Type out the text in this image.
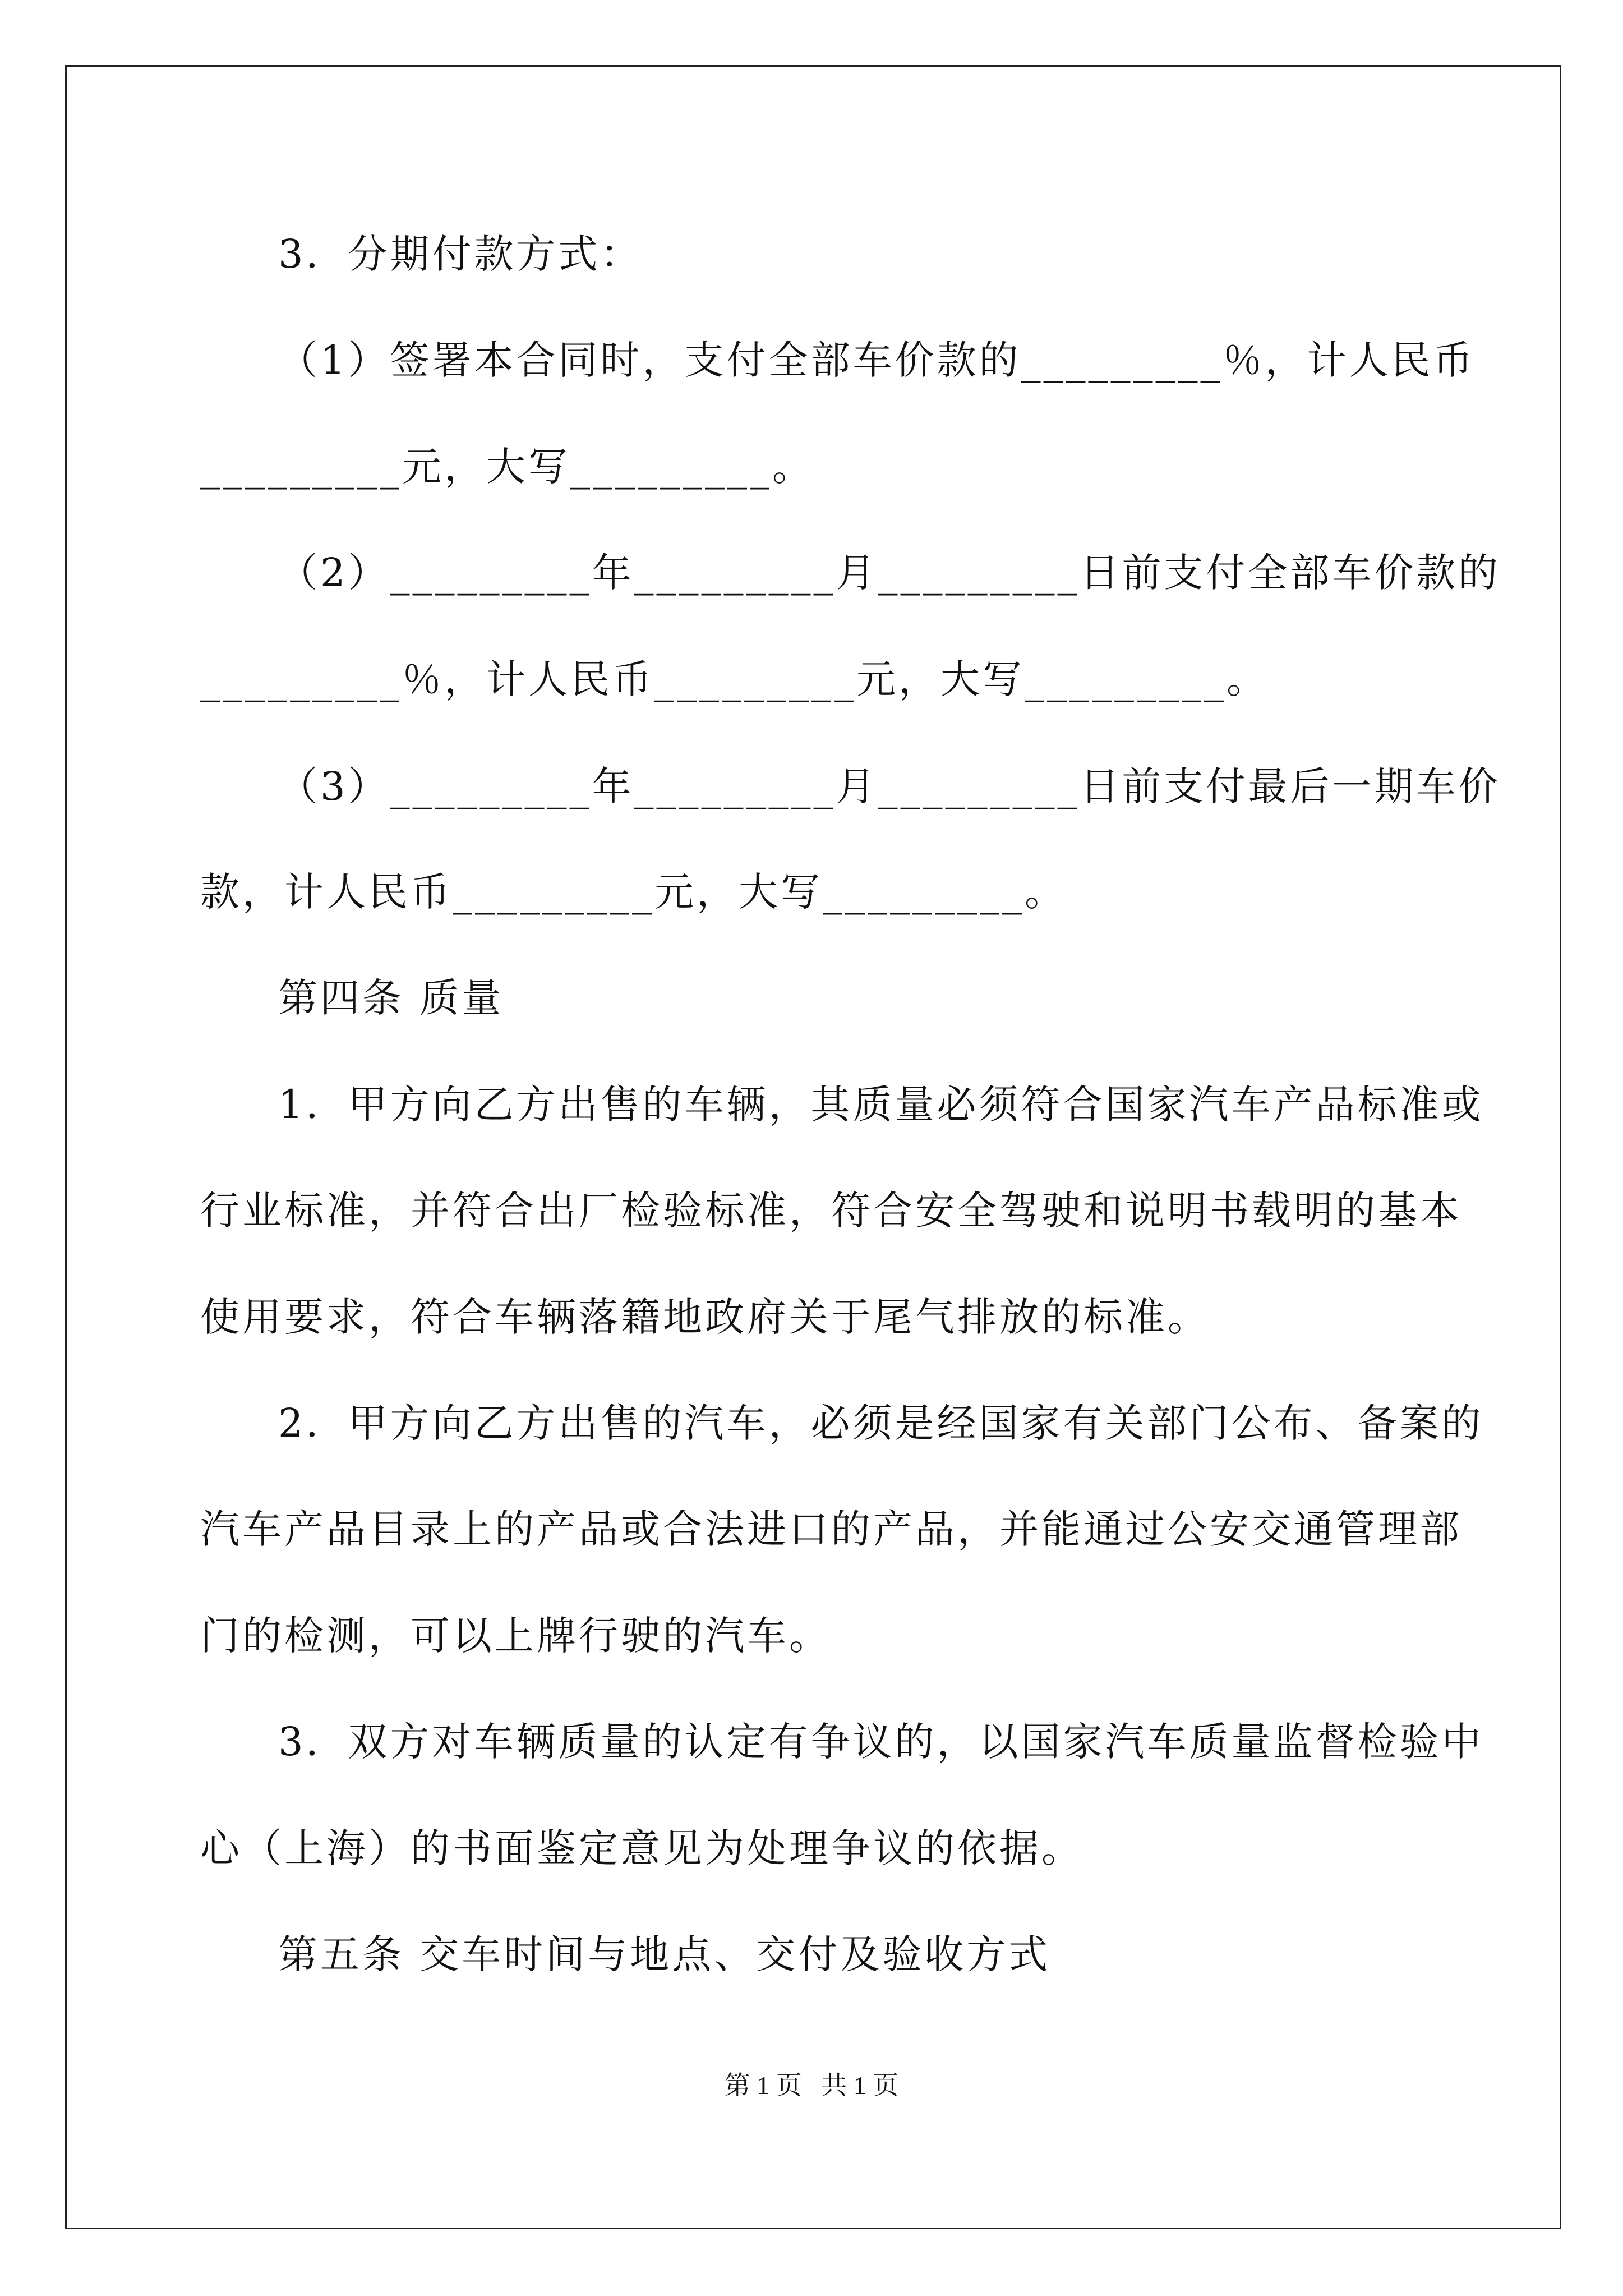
3．分期付款方式：

（1）签署本合同时，支付全部车价款的_________％，计人民币

_________元，大写_________。

（2）_________年_________月_________日前支付全部车价款的

_________％，计人民币_________元，大写_________。

（3）_________年_________月_________日前支付最后一期车价

款，计人民币_________元，大写_________。

第四条 质量

1．甲方向乙方出售的车辆，其质量必须符合国家汽车产品标准或

行业标准，并符合出厂检验标准，符合安全驾驶和说明书载明的基本

使用要求，符合车辆落籍地政府关于尾气排放的标准。

2．甲方向乙方出售的汽车，必须是经国家有关部门公布、备案的

汽车产品目录上的产品或合法进口的产品，并能通过公安交通管理部

门的检测，可以上牌行驶的汽车。

3．双方对车辆质量的认定有争议的，以国家汽车质量监督检验中

心（上海）的书面鉴定意见为处理争议的依据。

第五条 交车时间与地点、交付及验收方式

第 1 页   共 1 页
